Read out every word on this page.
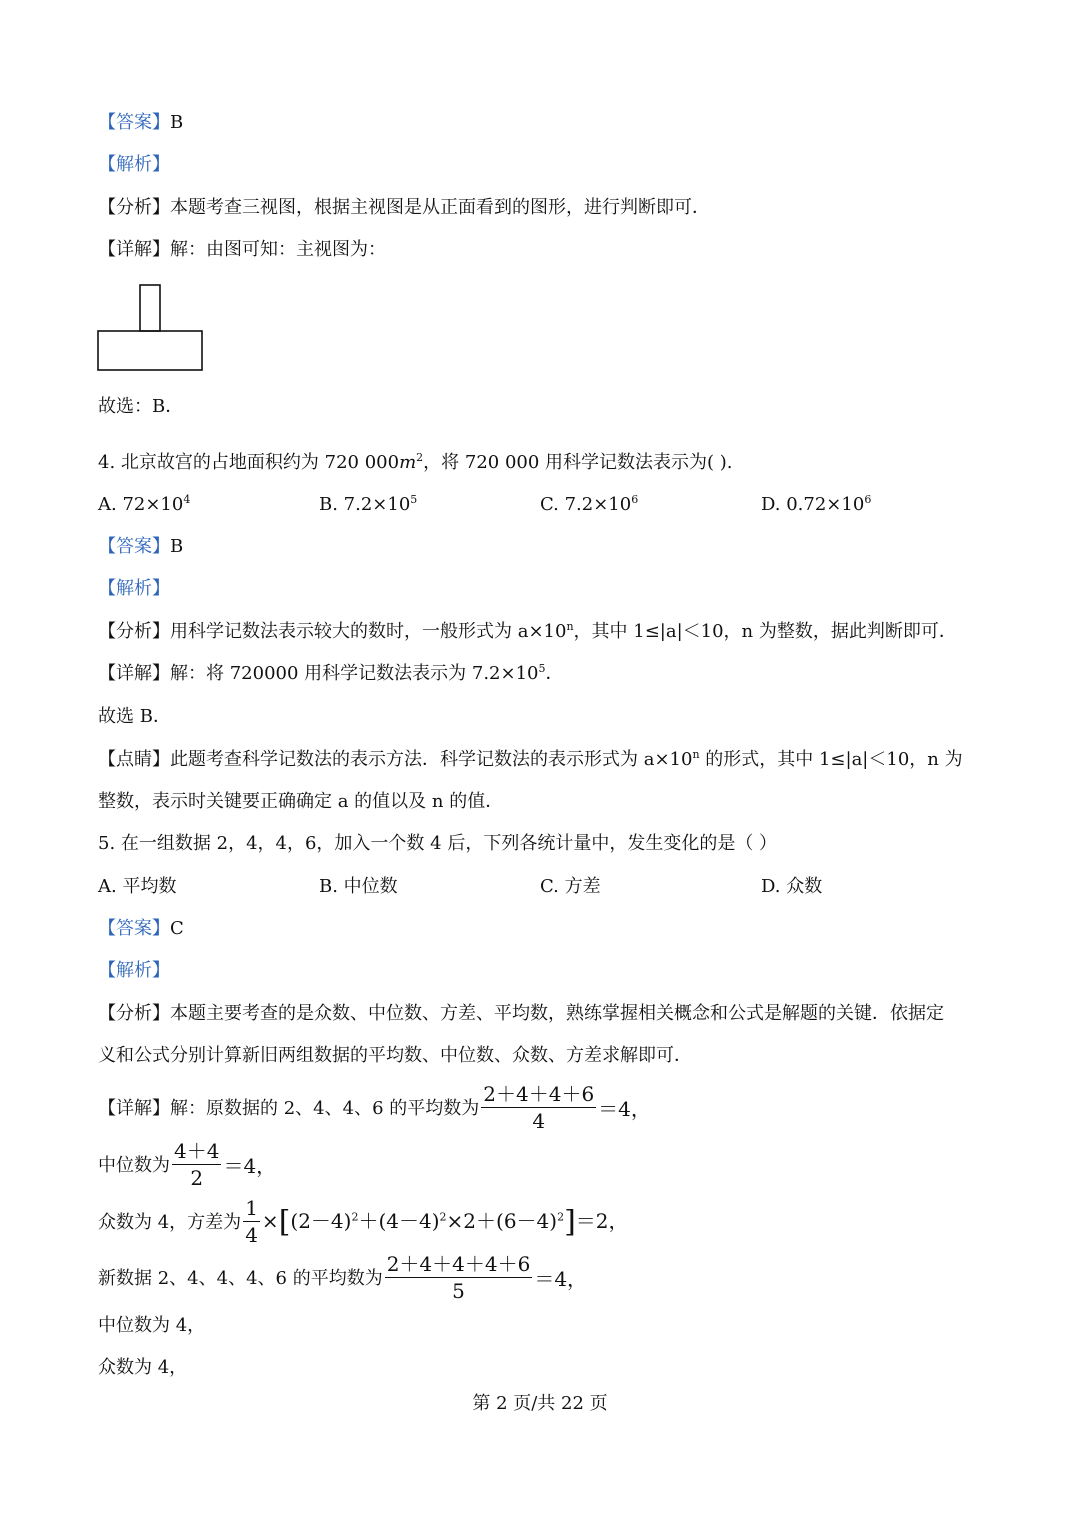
【答案】B
【解析】
【分析】本题考查三视图，根据主视图是从正面看到的图形，进行判断即可．
【详解】解：由图可知：主视图为：
故选：B．
4. 北京故宫的占地面积约为 720 $000m^2$，将 720 000 用科学记数法表示为( ).
A. $72\times 10^4$	B. $7.2\times 10^5$	C. $7.2\times 10^6$	D. $0.72\times 10^6$
【答案】B
【解析】
【分析】用科学记数法表示较大的数时，一般形式为 $a\times 10^n$，其中 1≤|a|＜10，n 为整数，据此判断即可．
【详解】解：将 720000 用科学记数法表示为 $7.2\times 10^5$．
故选 B．
【点睛】此题考查科学记数法的表示方法．科学记数法的表示形式为 $a\times 10^n$ 的形式，其中 1≤|a|＜10，n 为
整数，表示时关键要正确确定 a 的值以及 n 的值．
5. 在一组数据 2，4，4，6，加入一个数 4 后，下列各统计量中，发生变化的是（ ）
A. 平均数	B. 中位数	C. 方差	D. 众数
【答案】C
【解析】
【分析】本题主要考查的是众数、中位数、方差、平均数，熟练掌握相关概念和公式是解题的关键．依据定
义和公式分别计算新旧两组数据的平均数、中位数、众数、方差求解即可．
【详解】 解：原数据的 2、4、4、6 的平均数为 $\frac{2+4+4+6}{4} =4$，
中位数为 $\frac{4+4}{2} =4$，
众数为 4，方差为 $\frac{1}{4} \times[(2-4)^2+(4-4)^2\times 2+(6-4)^2]=2$，
新数据 2、4、4、4、6 的平均数为 $\frac{2+4+4+4+6}{5} =4$，
中位数为 4，
众数为 4，
第 2 页/共 22 页
